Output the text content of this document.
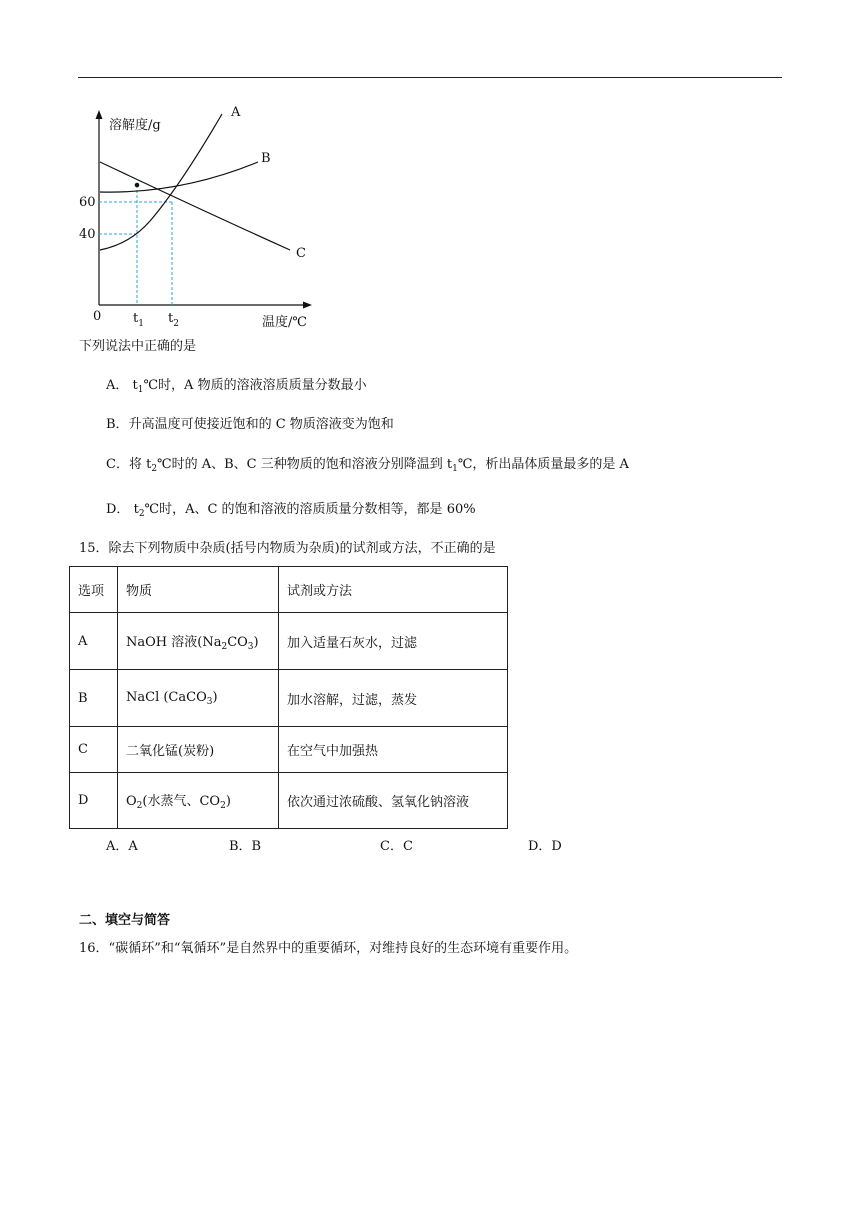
溶解度/g
温度/℃
0
60
40
$t_1$ $t_2$
A
B
C
下列说法中正确的是
A． $t_1℃$时，A 物质的溶液溶质质量分数最小
B．升高温度可使接近饱和的 C 物质溶液变为饱和
C．将 $t_2℃$时的 A、B、C 三种物质的饱和溶液分别降温到 $t_1℃$，析出晶体质量最多的是 A
D． $t_2℃$时，A、C 的饱和溶液的溶质质量分数相等，都是 60%
15．除去下列物质中杂质(括号内物质为杂质)的试剂或方法，不正确的是
选项	物质	试剂或方法
A	NaOH 溶液$(Na_2CO_3)$	加入适量石灰水，过滤
B	NaCl (CaCO$_3$)	加水溶解，过滤，蒸发
C	二氧化锰(炭粉)	在空气中加强热
D	$O_2$(水蒸气、$CO_2$)	依次通过浓硫酸、氢氧化钠溶液
A．A	B．B	C．C	D．D
二、填空与简答
16．“碳循环”和“氧循环”是自然界中的重要循环，对维持良好的生态环境有重要作用。
